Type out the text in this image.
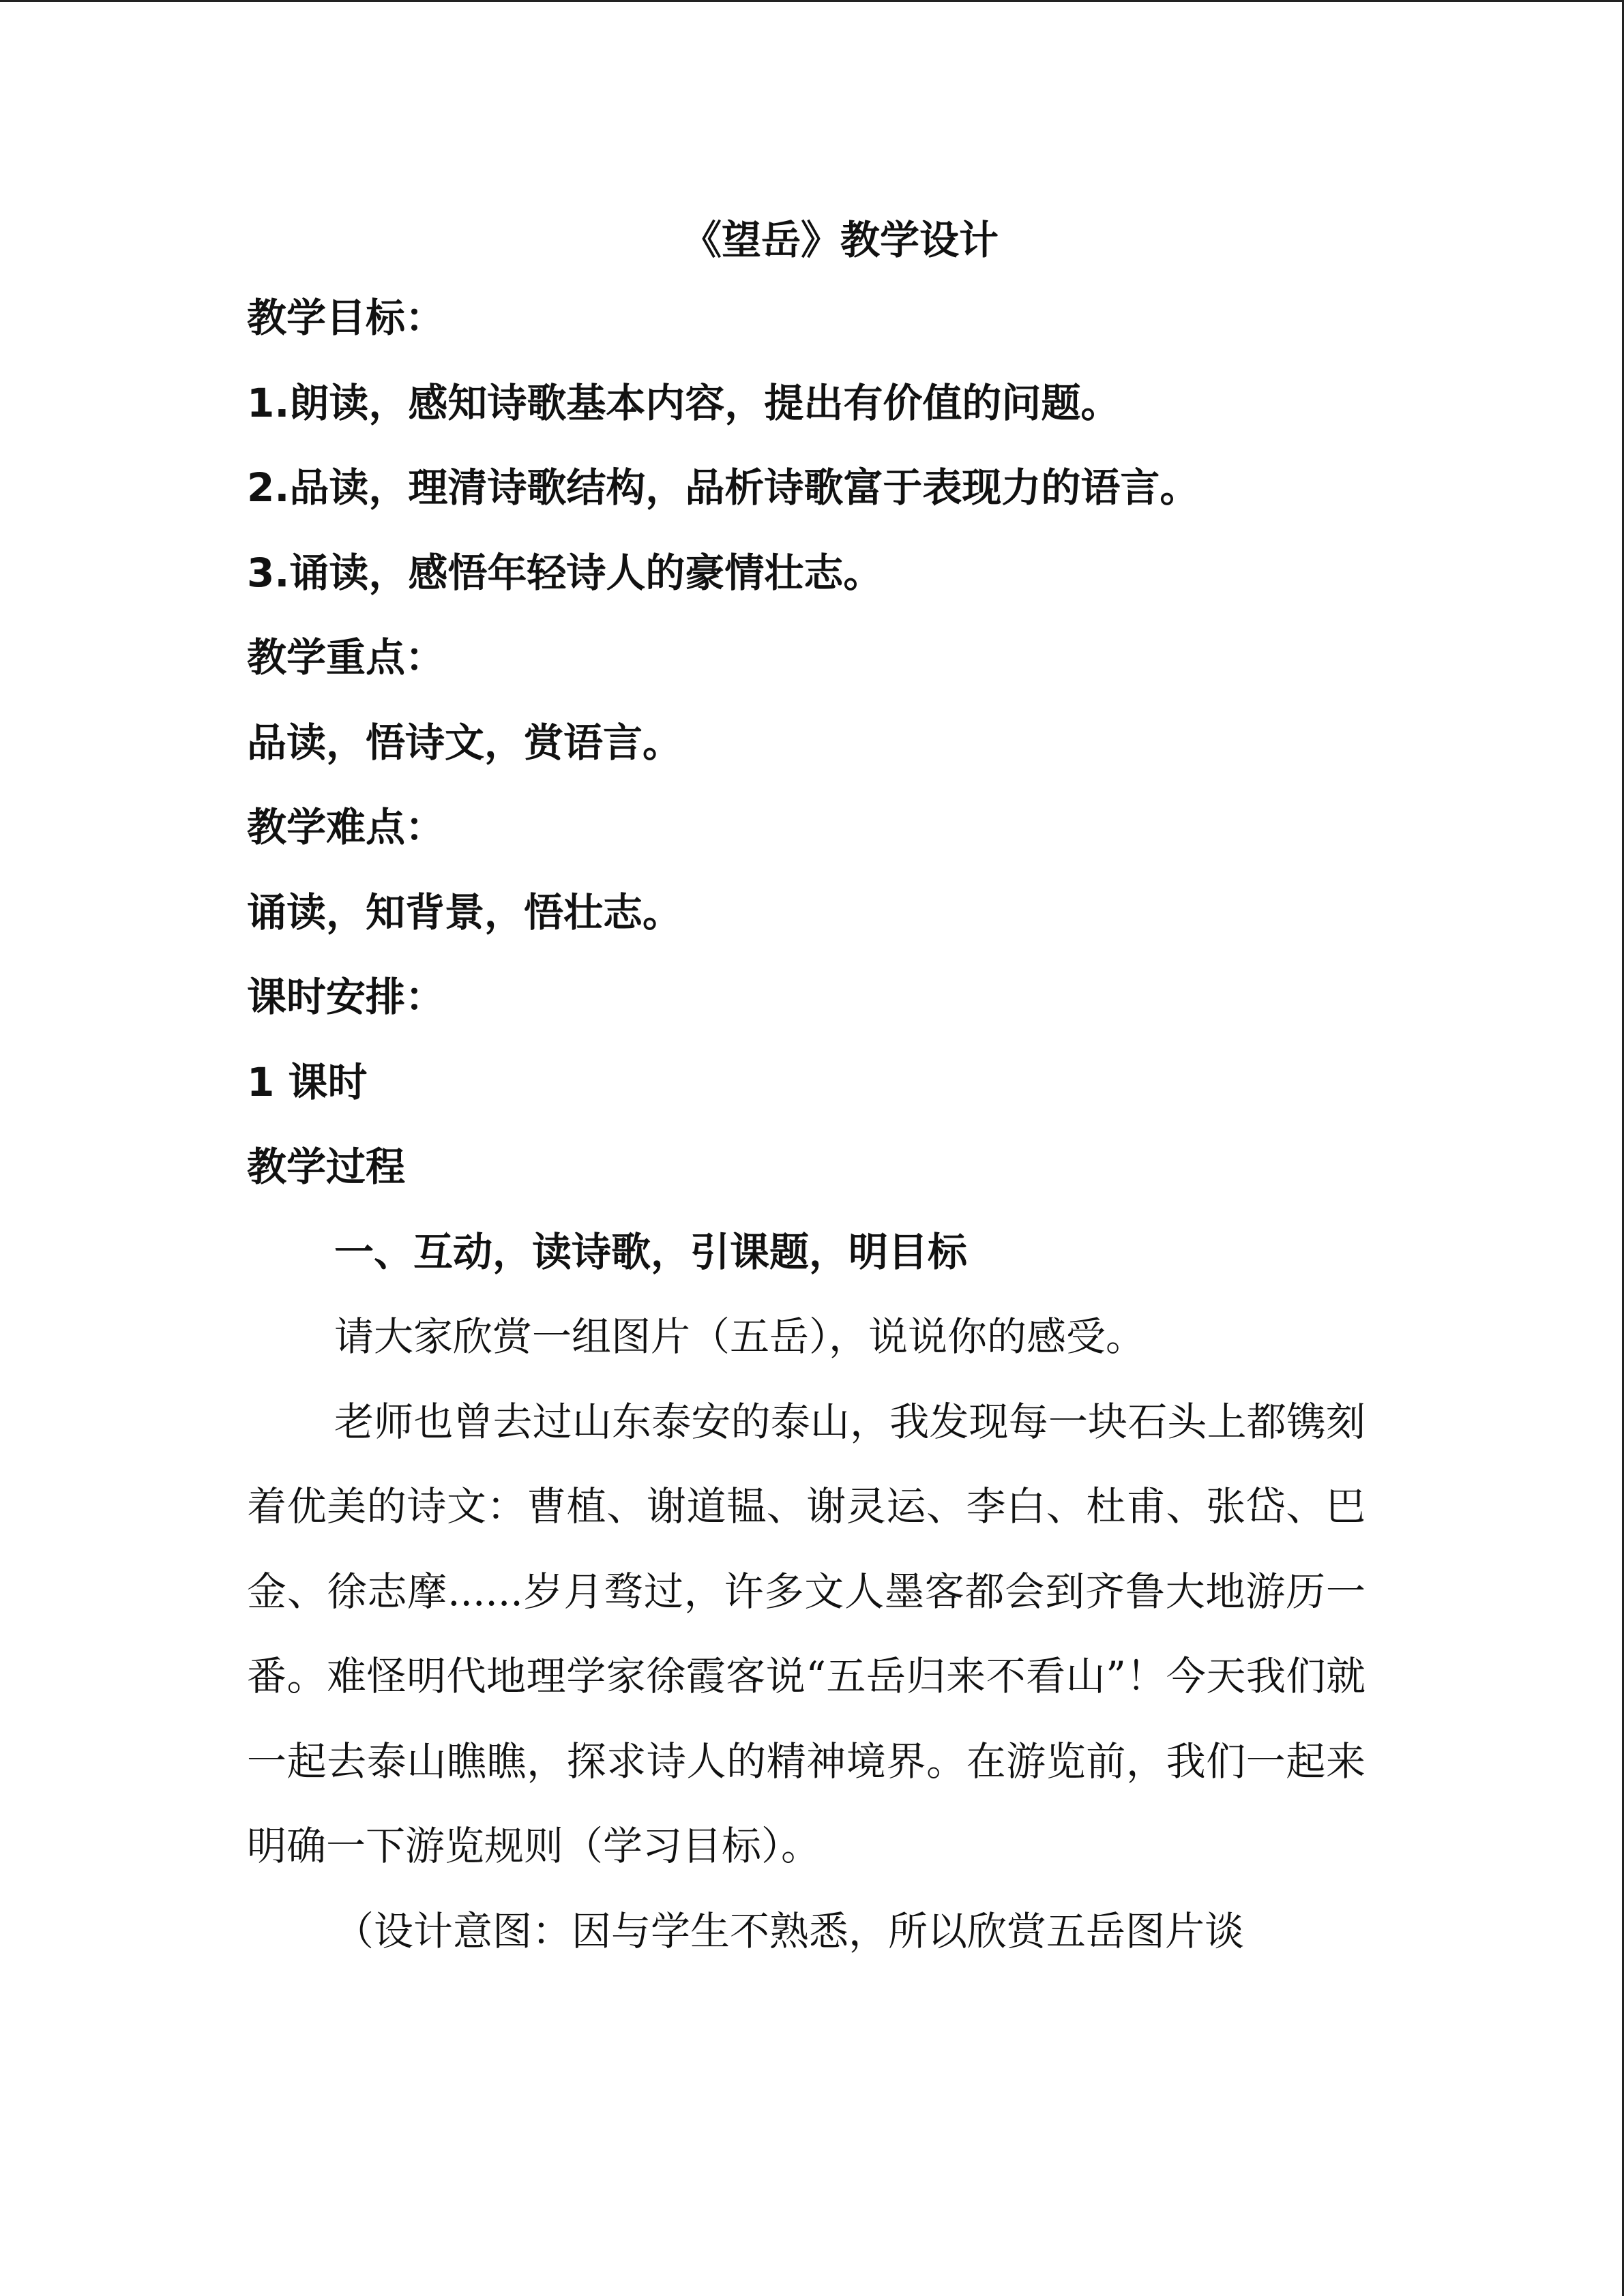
《望岳》教学设计
教学目标：
1.朗读，感知诗歌基本内容，提出有价值的问题。
2.品读，理清诗歌结构，品析诗歌富于表现力的语言。
3.诵读，感悟年轻诗人的豪情壮志。
教学重点：
品读，悟诗文，赏语言。
教学难点：
诵读，知背景，悟壮志。
课时安排：
1 课时
教学过程
一、互动，读诗歌，引课题，明目标

请大家欣赏一组图片（五岳），说说你的感受。

老师也曾去过山东泰安的泰山，我发现每一块石头上都镌刻着优美的诗文：曹植、谢道韫、谢灵运、李白、杜甫、张岱、巴金、徐志摩......岁月骛过，许多文人墨客都会到齐鲁大地游历一番。难怪明代地理学家徐霞客说“五岳归来不看山”！今天我们就一起去泰山瞧瞧，探求诗人的精神境界。在游览前，我们一起来明确一下游览规则（学习目标）。

（设计意图：因与学生不熟悉，所以欣赏五岳图片谈
